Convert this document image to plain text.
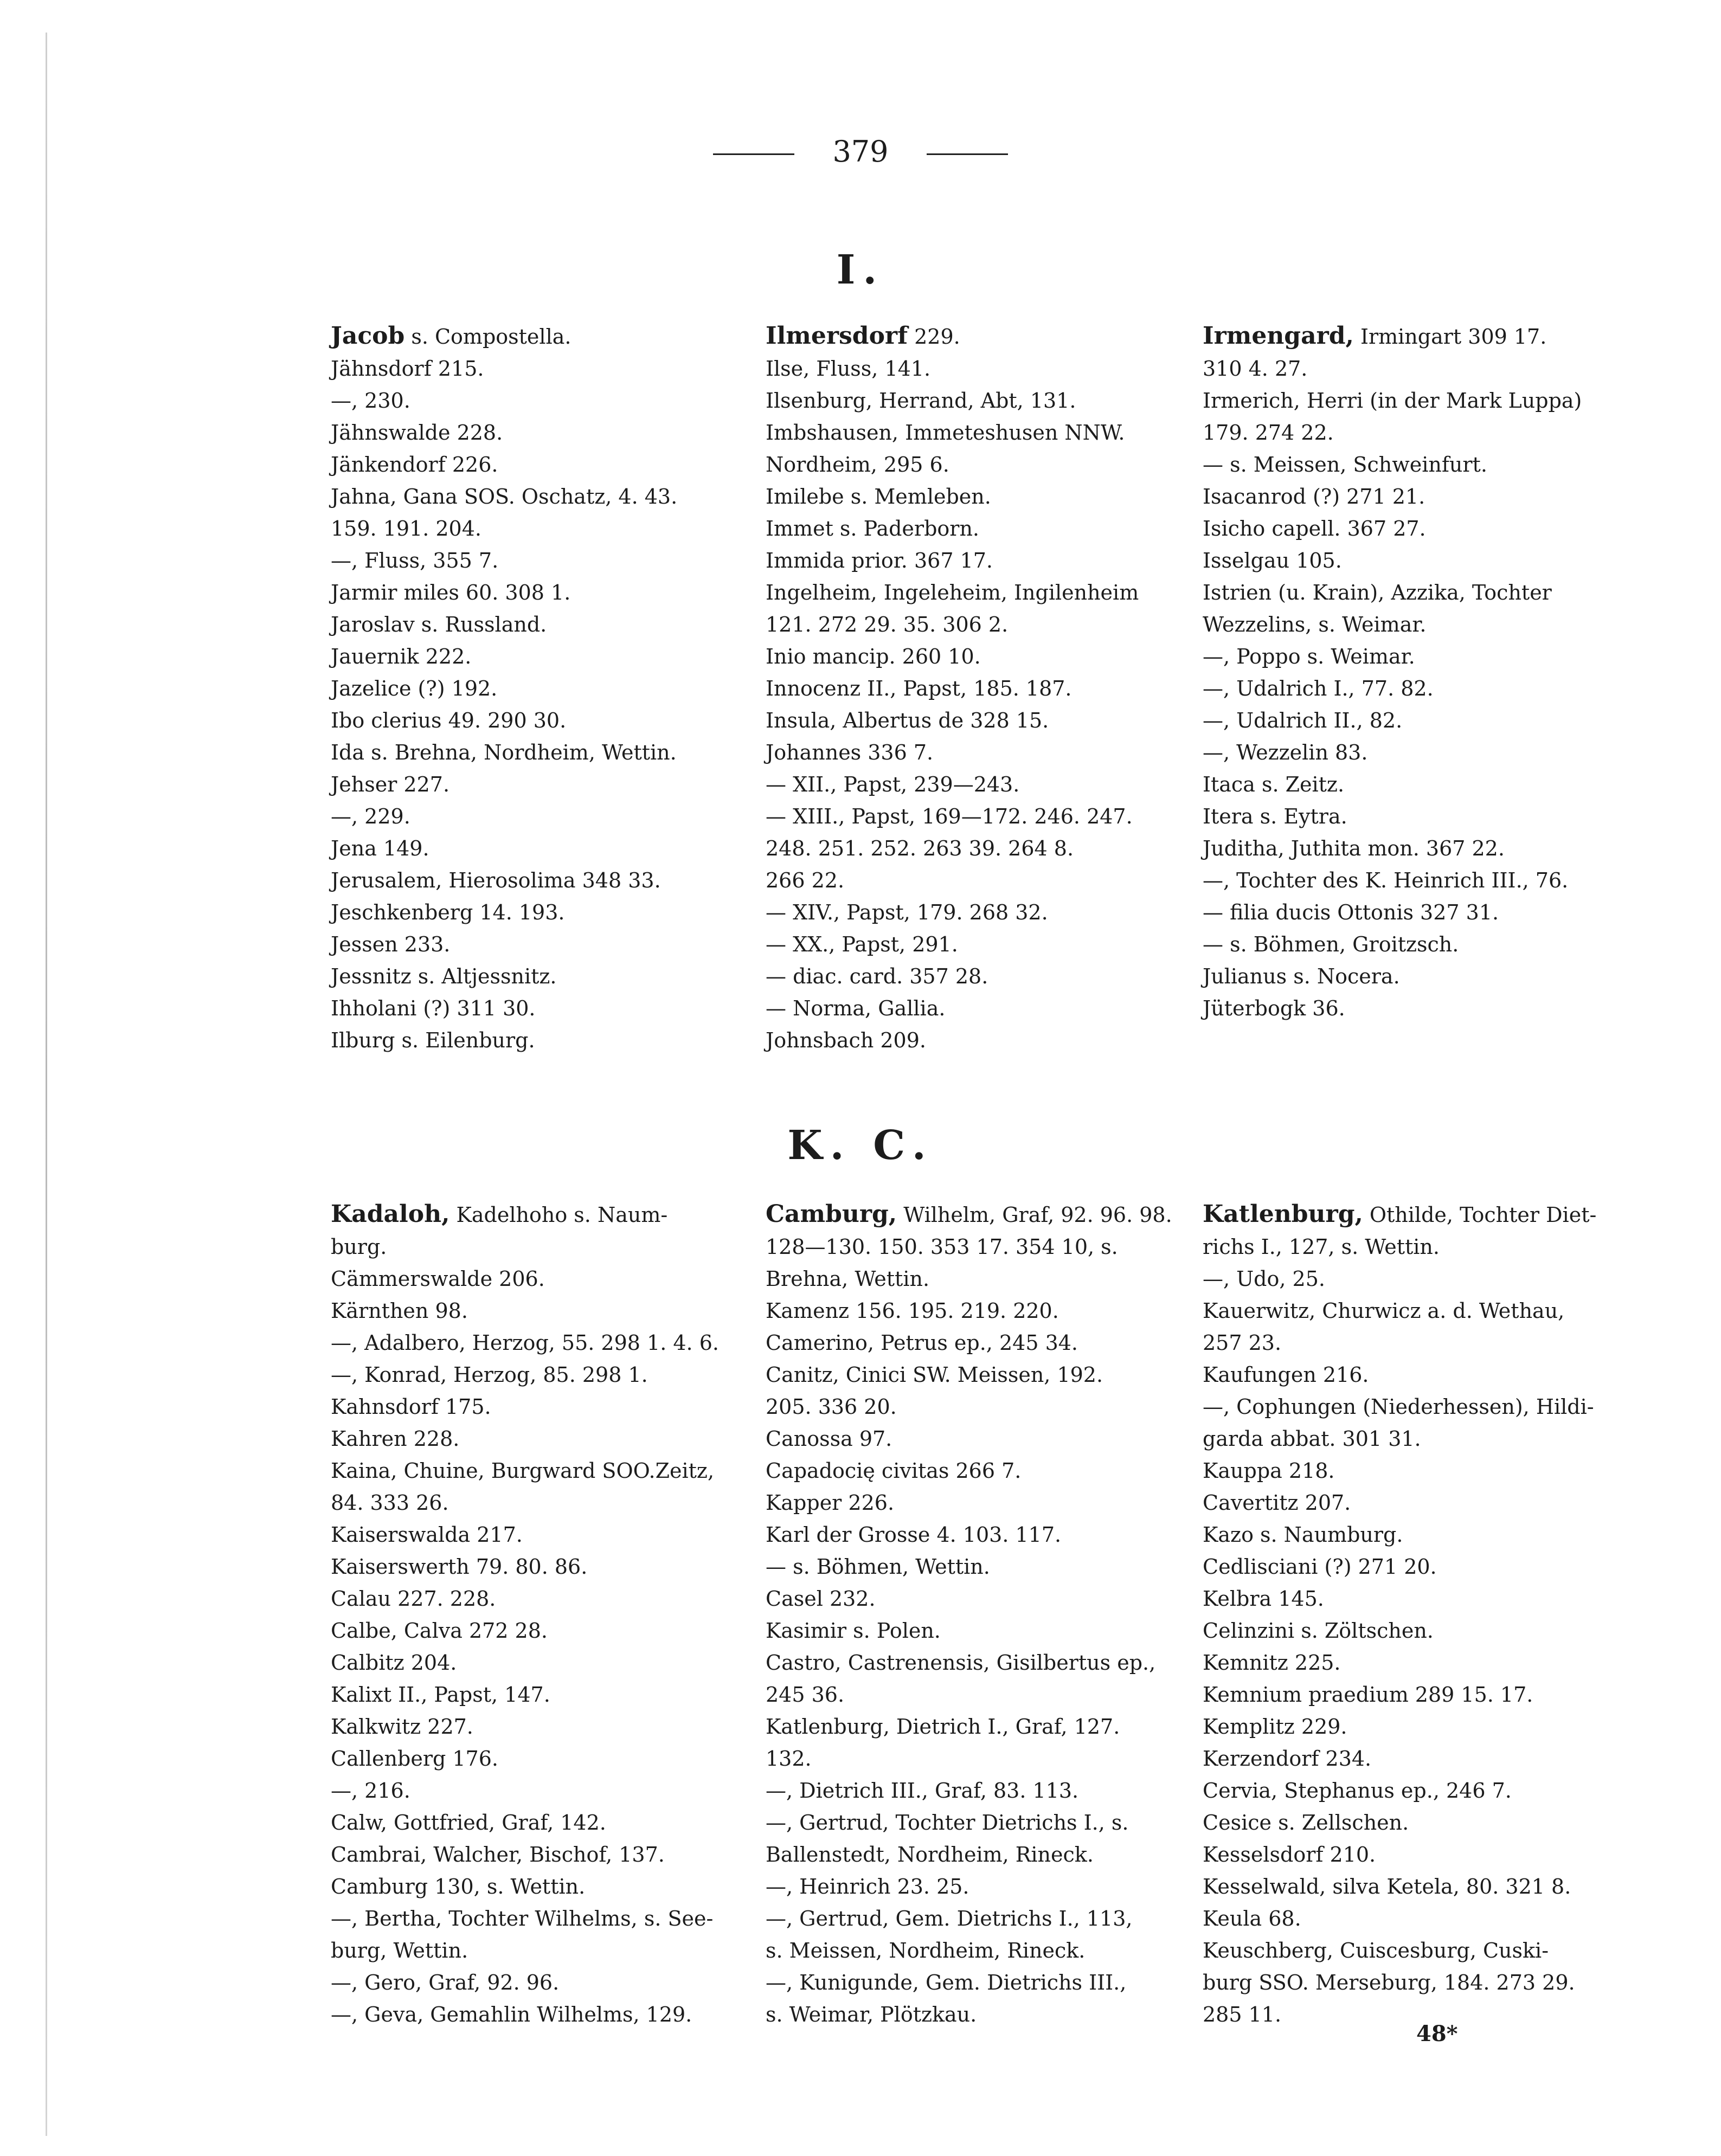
379
I.
Jacob s. Compostella.
Jähnsdorf 215.
—, 230.
Jähnswalde 228.
Jänkendorf 226.
Jahna, Gana SOS. Oschatz, 4. 43.
159. 191. 204.
—, Fluss, 355 7.
Jarmir miles 60. 308 1.
Jaroslav s. Russland.
Jauernik 222.
Jazelice (?) 192.
Ibo clerius 49. 290 30.
Ida s. Brehna, Nordheim, Wettin.
Jehser 227.
—, 229.
Jena 149.
Jerusalem, Hierosolima 348 33.
Jeschkenberg 14. 193.
Jessen 233.
Jessnitz s. Altjessnitz.
Ihholani (?) 311 30.
Ilburg s. Eilenburg.
Ilmersdorf 229.
Ilse, Fluss, 141.
Ilsenburg, Herrand, Abt, 131.
Imbshausen, Immeteshusen NNW.
Nordheim, 295 6.
Imilebe s. Memleben.
Immet s. Paderborn.
Immida prior. 367 17.
Ingelheim, Ingeleheim, Ingilenheim
121. 272 29. 35. 306 2.
Inio mancip. 260 10.
Innocenz II., Papst, 185. 187.
Insula, Albertus de 328 15.
Johannes 336 7.
— XII., Papst, 239—243.
— XIII., Papst, 169—172. 246. 247.
248. 251. 252. 263 39. 264 8.
266 22.
— XIV., Papst, 179. 268 32.
— XX., Papst, 291.
— diac. card. 357 28.
— Norma, Gallia.
Johnsbach 209.
Irmengard, Irmingart 309 17.
310 4. 27.
Irmerich, Herri (in der Mark Luppa)
179. 274 22.
— s. Meissen, Schweinfurt.
Isacanrod (?) 271 21.
Isicho capell. 367 27.
Isselgau 105.
Istrien (u. Krain), Azzika, Tochter
Wezzelins, s. Weimar.
—, Poppo s. Weimar.
—, Udalrich I., 77. 82.
—, Udalrich II., 82.
—, Wezzelin 83.
Itaca s. Zeitz.
Itera s. Eytra.
Juditha, Juthita mon. 367 22.
—, Tochter des K. Heinrich III., 76.
— filia ducis Ottonis 327 31.
— s. Böhmen, Groitzsch.
Julianus s. Nocera.
Jüterbogk 36.
K. C.
Kadaloh, Kadelhoho s. Naum-
burg.
Cämmerswalde 206.
Kärnthen 98.
—, Adalbero, Herzog, 55. 298 1. 4. 6.
—, Konrad, Herzog, 85. 298 1.
Kahnsdorf 175.
Kahren 228.
Kaina, Chuine, Burgward SOO.Zeitz,
84. 333 26.
Kaiserswalda 217.
Kaiserswerth 79. 80. 86.
Calau 227. 228.
Calbe, Calva 272 28.
Calbitz 204.
Kalixt II., Papst, 147.
Kalkwitz 227.
Callenberg 176.
—, 216.
Calw, Gottfried, Graf, 142.
Cambrai, Walcher, Bischof, 137.
Camburg 130, s. Wettin.
—, Bertha, Tochter Wilhelms, s. See-
burg, Wettin.
—, Gero, Graf, 92. 96.
—, Geva, Gemahlin Wilhelms, 129.
Camburg, Wilhelm, Graf, 92. 96. 98.
128—130. 150. 353 17. 354 10, s.
Brehna, Wettin.
Kamenz 156. 195. 219. 220.
Camerino, Petrus ep., 245 34.
Canitz, Cinici SW. Meissen, 192.
205. 336 20.
Canossa 97.
Capadocię civitas 266 7.
Kapper 226.
Karl der Grosse 4. 103. 117.
— s. Böhmen, Wettin.
Casel 232.
Kasimir s. Polen.
Castro, Castrenensis, Gisilbertus ep.,
245 36.
Katlenburg, Dietrich I., Graf, 127.
132.
—, Dietrich III., Graf, 83. 113.
—, Gertrud, Tochter Dietrichs I., s.
Ballenstedt, Nordheim, Rineck.
—, Heinrich 23. 25.
—, Gertrud, Gem. Dietrichs I., 113,
s. Meissen, Nordheim, Rineck.
—, Kunigunde, Gem. Dietrichs III.,
s. Weimar, Plötzkau.
Katlenburg, Othilde, Tochter Diet-
richs I., 127, s. Wettin.
—, Udo, 25.
Kauerwitz, Churwicz a. d. Wethau,
257 23.
Kaufungen 216.
—, Cophungen (Niederhessen), Hildi-
garda abbat. 301 31.
Kauppa 218.
Cavertitz 207.
Kazo s. Naumburg.
Cedlisciani (?) 271 20.
Kelbra 145.
Celinzini s. Zöltschen.
Kemnitz 225.
Kemnium praedium 289 15. 17.
Kemplitz 229.
Kerzendorf 234.
Cervia, Stephanus ep., 246 7.
Cesice s. Zellschen.
Kesselsdorf 210.
Kesselwald, silva Ketela, 80. 321 8.
Keula 68.
Keuschberg, Cuiscesburg, Cuski-
burg SSO. Merseburg, 184. 273 29.
285 11.
48*
